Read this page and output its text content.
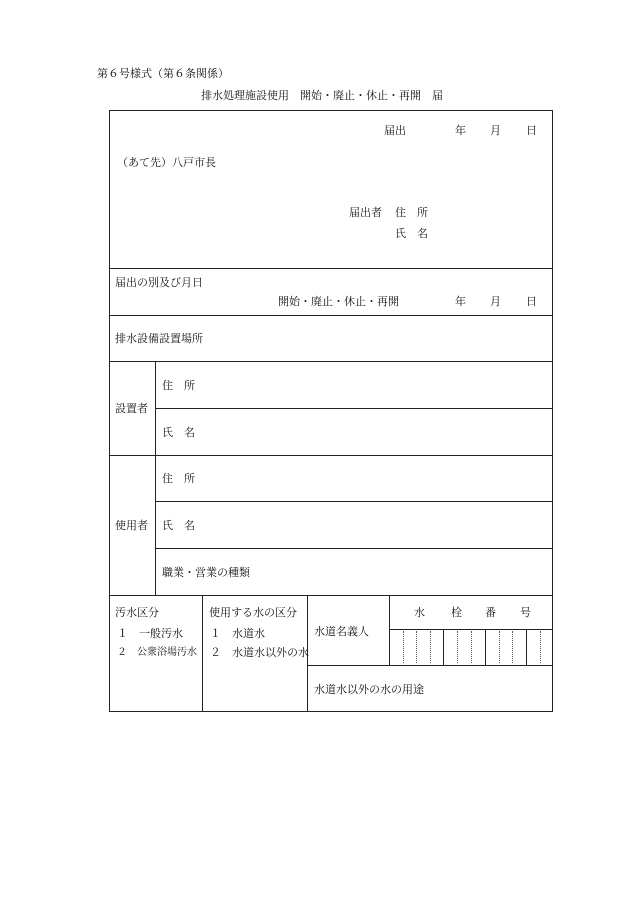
第６号様式（第６条関係）
排水処理施設使用　開始・廃止・休止・再開　届
届出	年 月 日
（あて先）八戸市長
届出者 住　所
氏　名
届出の別及び月日
開始・廃止・休止・再開	年 月 日
排水設備設置場所
設置者
住　所
氏　名
使用者
住　所
氏　名
職業・営業の種類
汚水区分
１　一般汚水
２　公衆浴場汚水
使用する水の区分
１　水道水
２　水道水以外の水
水道名義人
水 栓 番 号
水道水以外の水の用途
